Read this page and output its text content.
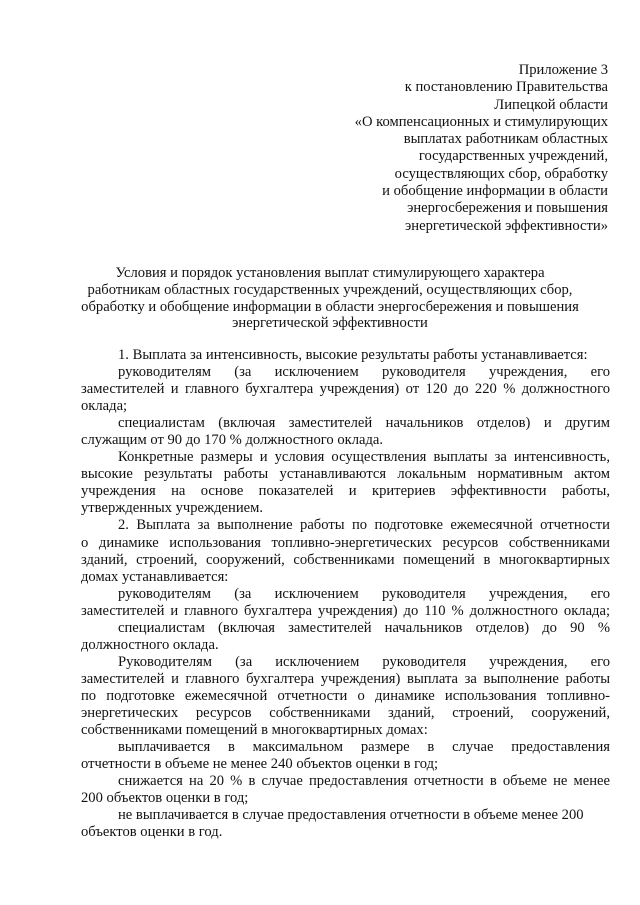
Приложение 3
к постановлению Правительства
Липецкой области
«О компенсационных и стимулирующих
выплатах работникам областных
государственных учреждений,
осуществляющих сбор, обработку
и обобщение информации в области
энергосбережения и повышения
энергетической эффективности»
Условия и порядок установления выплат стимулирующего характера
работникам областных государственных учреждений, осуществляющих сбор,
обработку и обобщение информации в области энергосбережения и повышения
энергетической эффективности
1. Выплата за интенсивность, высокие результаты работы устанавливается:
руководителям (за исключением руководителя учреждения, его
заместителей и главного бухгалтера учреждения) от 120 до 220 % должностного
оклада;
специалистам (включая заместителей начальников отделов) и другим
служащим от 90 до 170 % должностного оклада.
Конкретные размеры и условия осуществления выплаты за интенсивность,
высокие результаты работы устанавливаются локальным нормативным актом
учреждения на основе показателей и критериев эффективности работы,
утвержденных учреждением.
2. Выплата за выполнение работы по подготовке ежемесячной отчетности
о динамике использования топливно-энергетических ресурсов собственниками
зданий, строений, сооружений, собственниками помещений в многоквартирных
домах устанавливается:
руководителям (за исключением руководителя учреждения, его
заместителей и главного бухгалтера учреждения) до 110 % должностного оклада;
специалистам (включая заместителей начальников отделов) до 90 %
должностного оклада.
Руководителям (за исключением руководителя учреждения, его
заместителей и главного бухгалтера учреждения) выплата за выполнение работы
по подготовке ежемесячной отчетности о динамике использования топливно-
энергетических ресурсов собственниками зданий, строений, сооружений,
собственниками помещений в многоквартирных домах:
выплачивается в максимальном размере в случае предоставления
отчетности в объеме не менее 240 объектов оценки в год;
снижается на 20 % в случае предоставления отчетности в объеме не менее
200 объектов оценки в год;
не выплачивается в случае предоставления отчетности в объеме менее 200
объектов оценки в год.
